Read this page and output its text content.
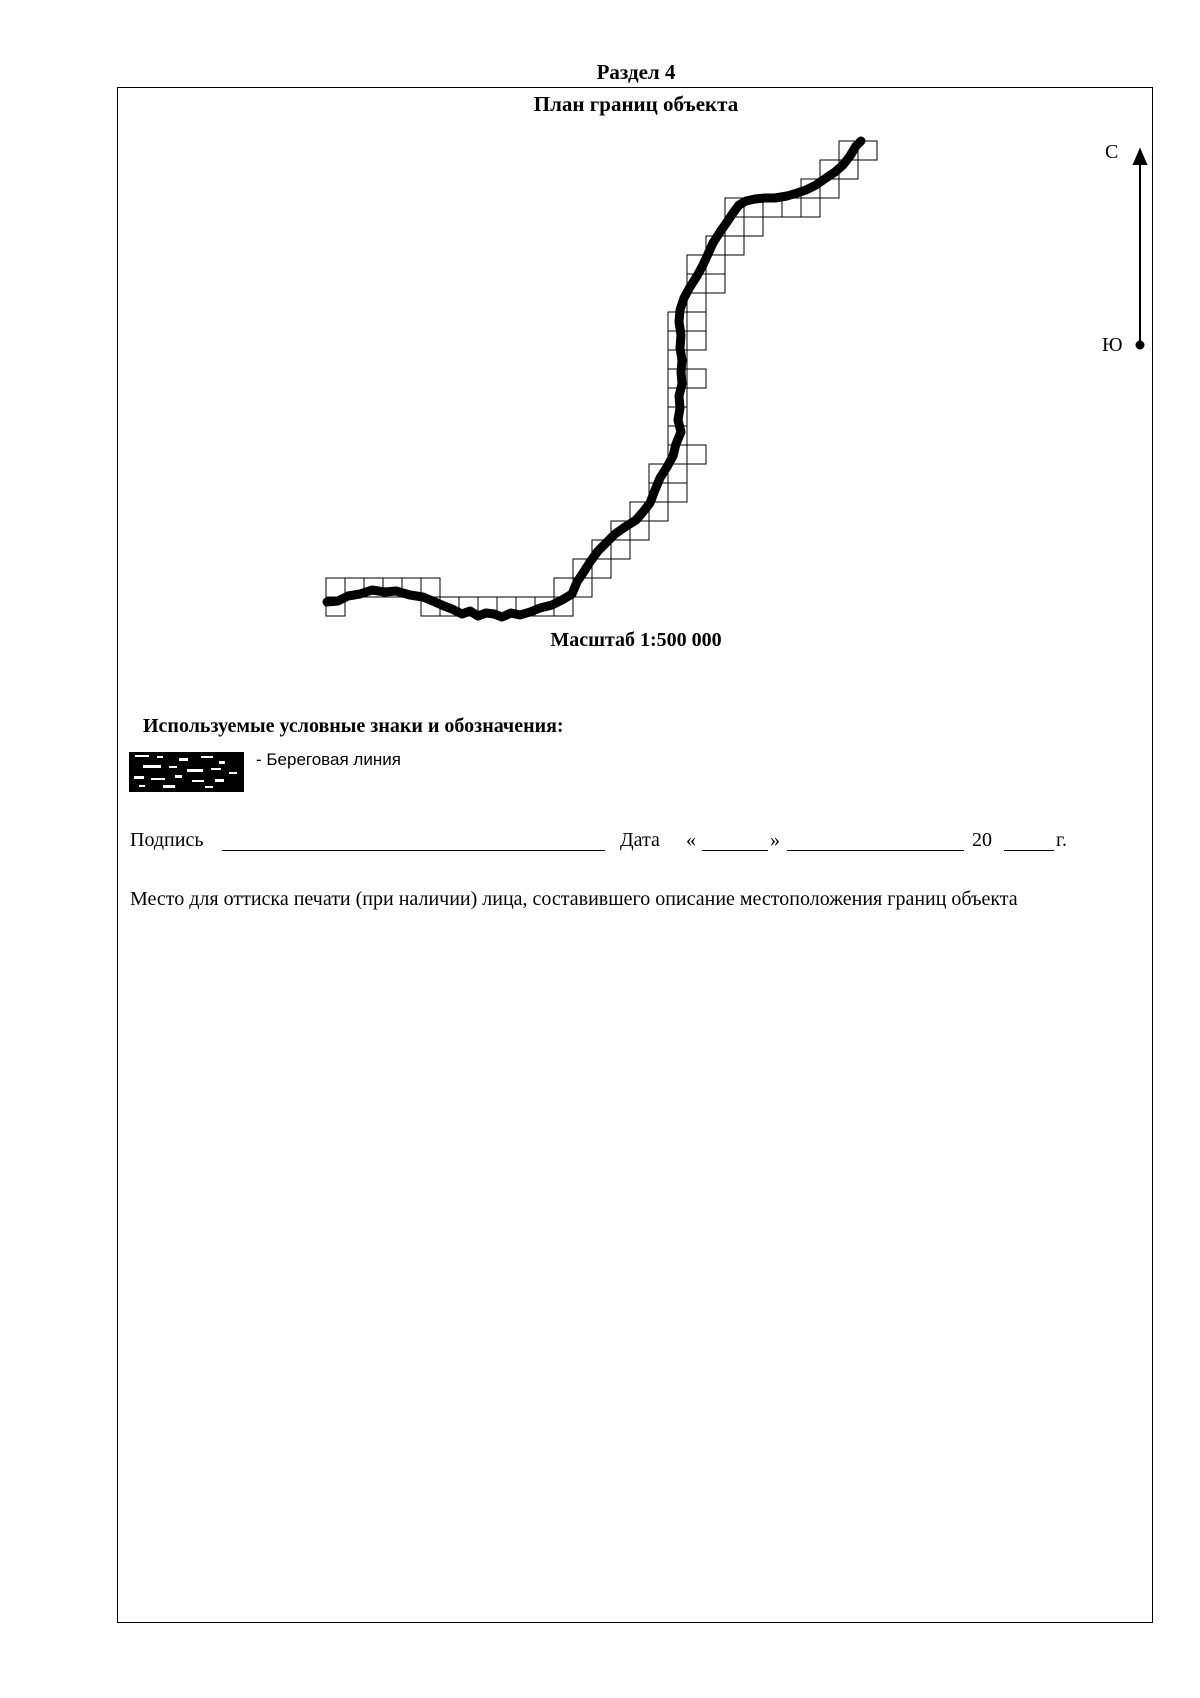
Раздел 4
План границ объекта
С
Ю
Масштаб 1:500 000
Используемые условные знаки и обозначения:
- Береговая линия
Подпись	Дата «	»	20	г.
Место для оттиска печати (при наличии) лица, составившего описание местоположения границ объекта
